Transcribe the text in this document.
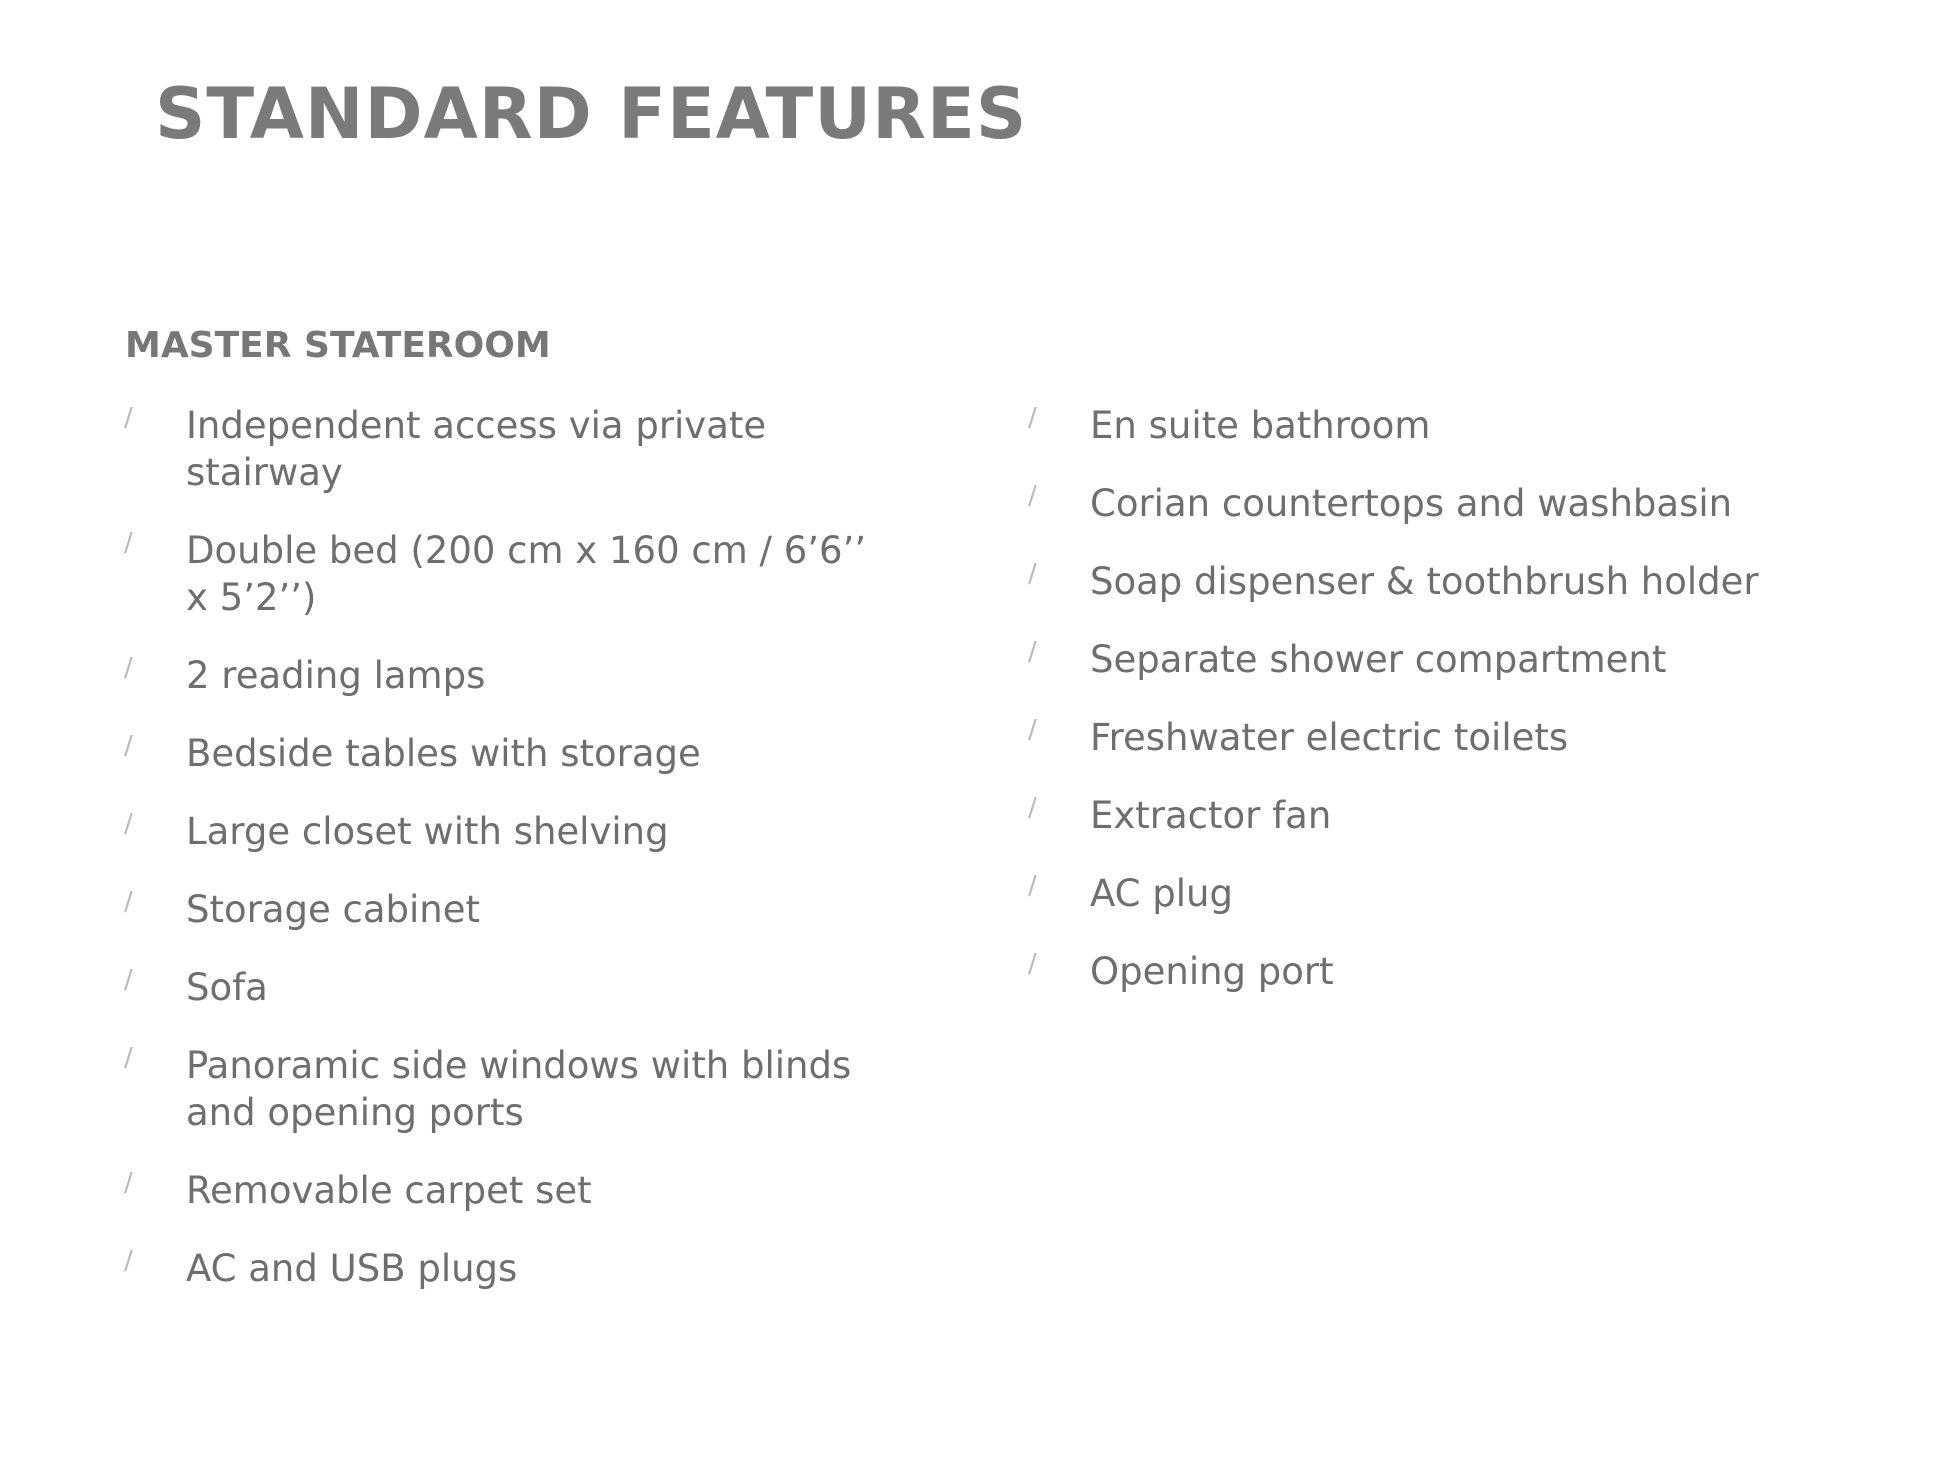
STANDARD FEATURES
MASTER STATEROOM
/ Independent access via private stairway
/ Double bed (200 cm x 160 cm / 6’6’’ x 5’2’’)
/ 2 reading lamps
/ Bedside tables with storage
/ Large closet with shelving
/ Storage cabinet
/ Sofa
/ Panoramic side windows with blinds and opening ports
/ Removable carpet set
/ AC and USB plugs
/ En suite bathroom
/ Corian countertops and washbasin
/ Soap dispenser & toothbrush holder
/ Separate shower compartment
/ Freshwater electric toilets
/ Extractor fan
/ AC plug
/ Opening port
